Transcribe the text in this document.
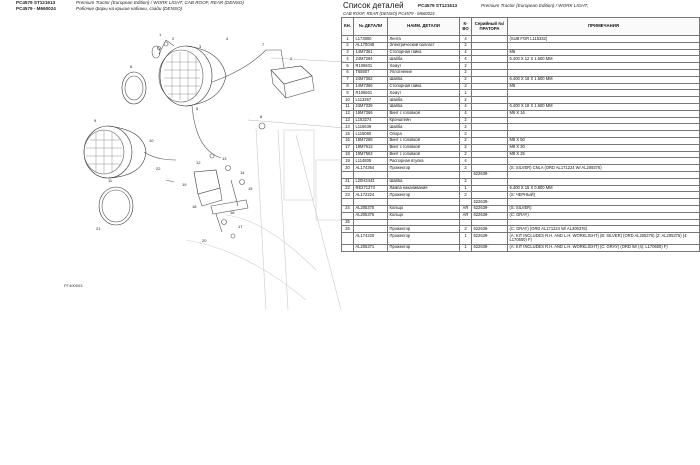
PC4579 ST121613	Premium Tractor (European Edition) / WORK LIGHT, CAB ROOF, REAR (DENSO)
PC4579 - M660024	Рабочие фары на крыше кабины, сзади (DENSO)
1
2
3
6
5
4
7
2
8
9
10
11
12
13
14
15
16
17
18
19
20
21
22
PT400003
Список деталей	PC4579 ST121613	Premium Tractor (European Edition) / WORK LIGHT,
CAB ROOF, REAR (DENSO) PC4579 - M660024
КН.	№ ДЕТАЛИ	НАИМ. ДЕТАЛИ	К-ВО	Серийный №/ПРАТОРА	ПРИМЕЧАНИЯ
1	L173800	Лента	4		(SUB FOR L115332)
2	AL170048	Электрический балласт	2		
3	14M7361	Стопорная гайка	4		M6
4	24M7294	Шайба	4		6.400 X 12 X 1.600 ММ
5	R106601	Хомут	2		
6	T65807	Уплотнение	2		
7	24M7362	Шайба	2		6.400 X 18 X 1.600 ММ
8	14M7366	Стопорная гайка	2		M8
9	R106601	Хомут	1		
10	L113367	Шайба	2		
11	24M7339	Шайба	4		6.400 X 18 X 1.600 ММ
12	19M7366	Винт с головкой	4		M6 X 16
13	L153274	Кронштейн	2		
14	L116639	Шайба	2		
15	L115080	Опора	2		
16	19M7268	Винт с головкой	2		M8 X 50
17	19M7613	Винт с головкой	2		M8 X 30
18	19M7563	Винт с головкой	2		M8 X 25
19	L114805	Распорная втулка	4		
20	AL174364	Прожектор	2		(S: SILVER) CNLA (ORD AL171224 W/ AL209376)
				622639-	
21	L20H3443	Шайба	2		
22	RE271273	Лампа накаливания	1		6.400 X 15 X 0.800 ММ
23	AL172224	Прожектор	2		(S: ЧЕРНЫЙ)
				622639-	
24	AL205375	Кольцо	AR	622639-	(S: SILVER)
	AL205376	Кольцо	AR	622639-	(C: GRAY)
25					
26		Прожектор	2	622639-	(C: GRAY) (ORD AL171224 W/ AL205376)
	AL174220	Прожектор	1	622639-	(A: KIT INCLUDES R.H. AND L.H. WORKLIGHT) (B: SILVER) (ORD AL205376) (Z: AL205375) (4: L170600) F)
	AL205371	Прожектор	1	622639-	(A: KIT INCLUDES R.H. AND L.H. WORKLIGHT) (C: GRAY) (ORD W/ (4): L170600) F)
